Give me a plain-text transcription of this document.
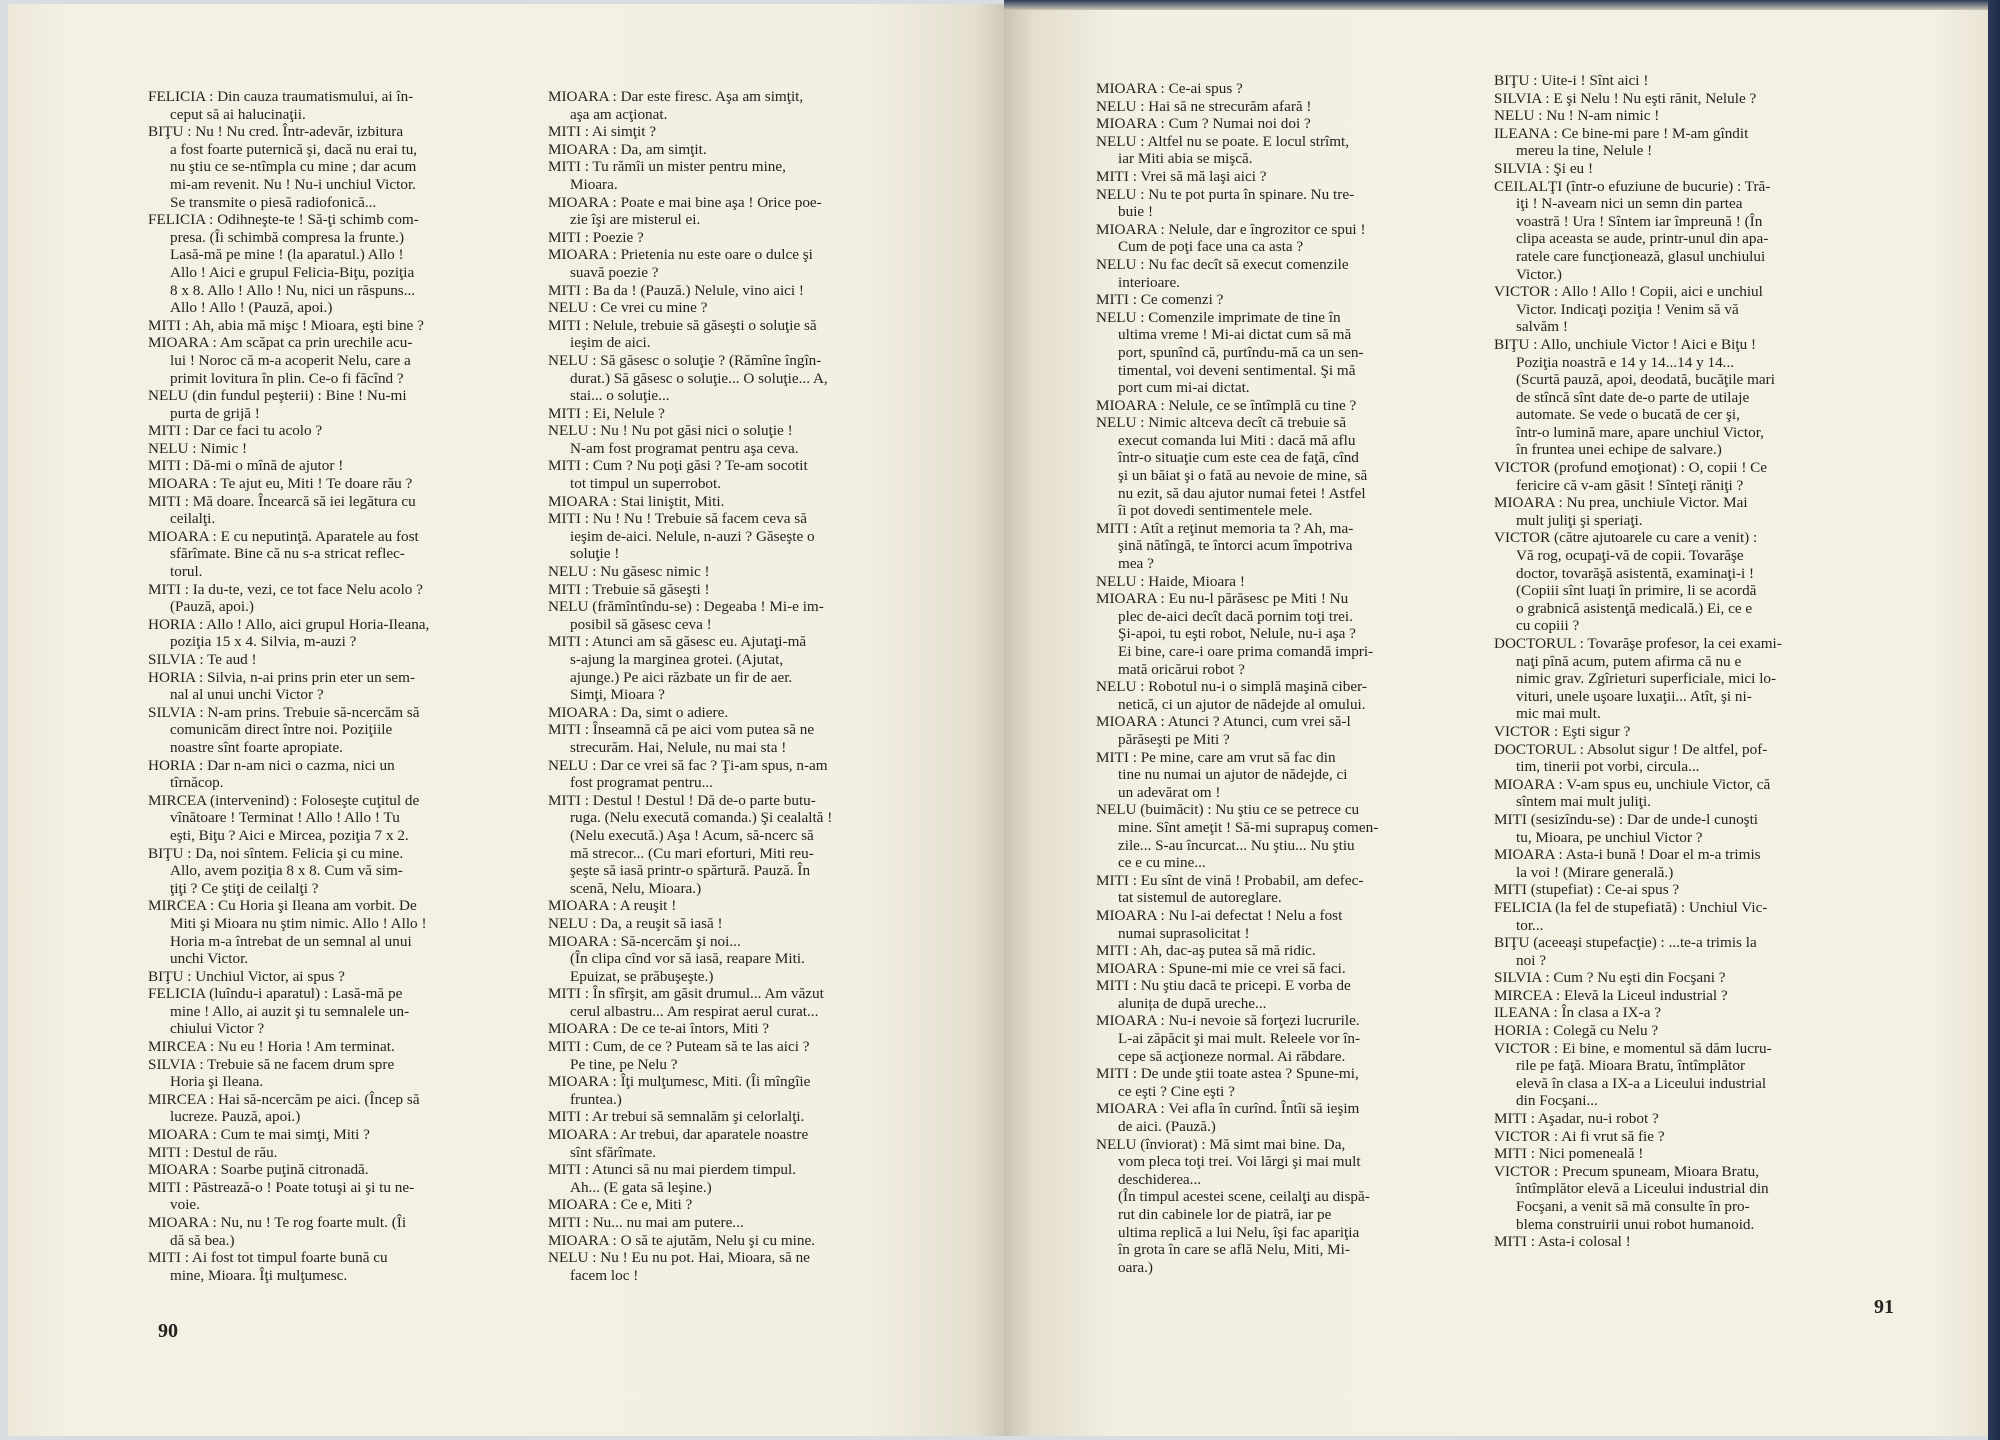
FELICIA : Din cauza traumatismului, ai în-
ceput să ai halucinaţii.
BIŢU : Nu ! Nu cred. Într-adevăr, izbitura
a fost foarte puternică şi, dacă nu erai tu,
nu ştiu ce se-ntîmpla cu mine ; dar acum
mi-am revenit. Nu ! Nu-i unchiul Victor.
Se transmite o piesă radiofonică...
FELICIA : Odihneşte-te ! Să-ţi schimb com-
presa. (Îi schimbă compresa la frunte.)
Lasă-mă pe mine ! (la aparatul.) Allo !
Allo ! Aici e grupul Felicia-Biţu, poziţia
8 x 8. Allo ! Allo ! Nu, nici un răspuns...
Allo ! Allo ! (Pauză, apoi.)
MITI : Ah, abia mă mişc ! Mioara, eşti bine ?
MIOARA : Am scăpat ca prin urechile acu-
lui ! Noroc că m-a acoperit Nelu, care a
primit lovitura în plin. Ce-o fi făcînd ?
NELU (din fundul peşterii) : Bine ! Nu-mi
purta de grijă !
MITI : Dar ce faci tu acolo ?
NELU : Nimic !
MITI : Dă-mi o mînă de ajutor !
MIOARA : Te ajut eu, Miti ! Te doare rău ?
MITI : Mă doare. Încearcă să iei legătura cu
ceilalţi.
MIOARA : E cu neputinţă. Aparatele au fost
sfărîmate. Bine că nu s-a stricat reflec-
torul.
MITI : Ia du-te, vezi, ce tot face Nelu acolo ?
(Pauză, apoi.)
HORIA : Allo ! Allo, aici grupul Horia-Ileana,
poziţia 15 x 4. Silvia, m-auzi ?
SILVIA : Te aud !
HORIA : Silvia, n-ai prins prin eter un sem-
nal al unui unchi Victor ?
SILVIA : N-am prins. Trebuie să-ncercăm să
comunicăm direct între noi. Poziţiile
noastre sînt foarte apropiate.
HORIA : Dar n-am nici o cazma, nici un
tîrnăcop.
MIRCEA (intervenind) : Foloseşte cuţitul de
vînătoare ! Terminat ! Allo ! Allo ! Tu
eşti, Biţu ? Aici e Mircea, poziţia 7 x 2.
BIŢU : Da, noi sîntem. Felicia şi cu mine.
Allo, avem poziţia 8 x 8. Cum vă sim-
ţiţi ? Ce ştiţi de ceilalţi ?
MIRCEA : Cu Horia şi Ileana am vorbit. De
Miti şi Mioara nu ştim nimic. Allo ! Allo !
Horia m-a întrebat de un semnal al unui
unchi Victor.
BIŢU : Unchiul Victor, ai spus ?
FELICIA (luîndu-i aparatul) : Lasă-mă pe
mine ! Allo, ai auzit şi tu semnalele un-
chiului Victor ?
MIRCEA : Nu eu ! Horia ! Am terminat.
SILVIA : Trebuie să ne facem drum spre
Horia şi Ileana.
MIRCEA : Hai să-ncercăm pe aici. (Încep să
lucreze. Pauză, apoi.)
MIOARA : Cum te mai simţi, Miti ?
MITI : Destul de rău.
MIOARA : Soarbe puţină citronadă.
MITI : Păstrează-o ! Poate totuşi ai şi tu ne-
voie.
MIOARA : Nu, nu ! Te rog foarte mult. (Îi
dă să bea.)
MITI : Ai fost tot timpul foarte bună cu
mine, Mioara. Îţi mulţumesc.
MIOARA : Dar este firesc. Aşa am simţit,
aşa am acţionat.
MITI : Ai simţit ?
MIOARA : Da, am simţit.
MITI : Tu rămîi un mister pentru mine,
Mioara.
MIOARA : Poate e mai bine aşa ! Orice poe-
zie îşi are misterul ei.
MITI : Poezie ?
MIOARA : Prietenia nu este oare o dulce şi
suavă poezie ?
MITI : Ba da ! (Pauză.) Nelule, vino aici !
NELU : Ce vrei cu mine ?
MITI : Nelule, trebuie să găseşti o soluţie să
ieşim de aici.
NELU : Să găsesc o soluţie ? (Rămîne îngîn-
durat.) Să găsesc o soluţie... O soluţie... A,
stai... o soluţie...
MITI : Ei, Nelule ?
NELU : Nu ! Nu pot găsi nici o soluţie !
N-am fost programat pentru aşa ceva.
MITI : Cum ? Nu poţi găsi ? Te-am socotit
tot timpul un superrobot.
MIOARA : Stai liniştit, Miti.
MITI : Nu ! Nu ! Trebuie să facem ceva să
ieşim de-aici. Nelule, n-auzi ? Găseşte o
soluţie !
NELU : Nu găsesc nimic !
MITI : Trebuie să găseşti !
NELU (frămîntîndu-se) : Degeaba ! Mi-e im-
posibil să găsesc ceva !
MITI : Atunci am să găsesc eu. Ajutaţi-mă
s-ajung la marginea grotei. (Ajutat,
ajunge.) Pe aici răzbate un fir de aer.
Simţi, Mioara ?
MIOARA : Da, simt o adiere.
MITI : Înseamnă că pe aici vom putea să ne
strecurăm. Hai, Nelule, nu mai sta !
NELU : Dar ce vrei să fac ? Ţi-am spus, n-am
fost programat pentru...
MITI : Destul ! Destul ! Dă de-o parte butu-
ruga. (Nelu execută comanda.) Şi cealaltă !
(Nelu execută.) Aşa ! Acum, să-ncerc să
mă strecor... (Cu mari eforturi, Miti reu-
şeşte să iasă printr-o spărtură. Pauză. În
scenă, Nelu, Mioara.)
MIOARA : A reuşit !
NELU : Da, a reuşit să iasă !
MIOARA : Să-ncercăm şi noi...
(În clipa cînd vor să iasă, reapare Miti.
Epuizat, se prăbuşeşte.)
MITI : În sfîrşit, am găsit drumul... Am văzut
cerul albastru... Am respirat aerul curat...
MIOARA : De ce te-ai întors, Miti ?
MITI : Cum, de ce ? Puteam să te las aici ?
Pe tine, pe Nelu ?
MIOARA : Îţi mulţumesc, Miti. (Îi mîngîie
fruntea.)
MITI : Ar trebui să semnalăm şi celorlalţi.
MIOARA : Ar trebui, dar aparatele noastre
sînt sfărîmate.
MITI : Atunci să nu mai pierdem timpul.
Ah... (E gata să leşine.)
MIOARA : Ce e, Miti ?
MITI : Nu... nu mai am putere...
MIOARA : O să te ajutăm, Nelu şi cu mine.
NELU : Nu ! Eu nu pot. Hai, Mioara, să ne
facem loc !
90
MIOARA : Ce-ai spus ?
NELU : Hai să ne strecurăm afară !
MIOARA : Cum ? Numai noi doi ?
NELU : Altfel nu se poate. E locul strîmt,
iar Miti abia se mişcă.
MITI : Vrei să mă laşi aici ?
NELU : Nu te pot purta în spinare. Nu tre-
buie !
MIOARA : Nelule, dar e îngrozitor ce spui !
Cum de poţi face una ca asta ?
NELU : Nu fac decît să execut comenzile
interioare.
MITI : Ce comenzi ?
NELU : Comenzile imprimate de tine în
ultima vreme ! Mi-ai dictat cum să mă
port, spunînd că, purtîndu-mă ca un sen-
timental, voi deveni sentimental. Şi mă
port cum mi-ai dictat.
MIOARA : Nelule, ce se întîmplă cu tine ?
NELU : Nimic altceva decît că trebuie să
execut comanda lui Miti : dacă mă aflu
într-o situaţie cum este cea de faţă, cînd
şi un băiat şi o fată au nevoie de mine, să
nu ezit, să dau ajutor numai fetei ! Astfel
îi pot dovedi sentimentele mele.
MITI : Atît a reţinut memoria ta ? Ah, ma-
şină nătîngă, te întorci acum împotriva
mea ?
NELU : Haide, Mioara !
MIOARA : Eu nu-l părăsesc pe Miti ! Nu
plec de-aici decît dacă pornim toţi trei.
Şi-apoi, tu eşti robot, Nelule, nu-i aşa ?
Ei bine, care-i oare prima comandă impri-
mată oricărui robot ?
NELU : Robotul nu-i o simplă maşină ciber-
netică, ci un ajutor de nădejde al omului.
MIOARA : Atunci ? Atunci, cum vrei să-l
părăseşti pe Miti ?
MITI : Pe mine, care am vrut să fac din
tine nu numai un ajutor de nădejde, ci
un adevărat om !
NELU (buimăcit) : Nu ştiu ce se petrece cu
mine. Sînt ameţit ! Să-mi suprapuş comen-
zile... S-au încurcat... Nu ştiu... Nu ştiu
ce e cu mine...
MITI : Eu sînt de vină ! Probabil, am defec-
tat sistemul de autoreglare.
MIOARA : Nu l-ai defectat ! Nelu a fost
numai suprasolicitat !
MITI : Ah, dac-aş putea să mă ridic.
MIOARA : Spune-mi mie ce vrei să faci.
MITI : Nu ştiu dacă te pricepi. E vorba de
alunița de după ureche...
MIOARA : Nu-i nevoie să forţezi lucrurile.
L-ai zăpăcit şi mai mult. Releele vor în-
cepe să acţioneze normal. Ai răbdare.
MITI : De unde ştii toate astea ? Spune-mi,
ce eşti ? Cine eşti ?
MIOARA : Vei afla în curînd. Întîi să ieşim
de aici. (Pauză.)
NELU (înviorat) : Mă simt mai bine. Da,
vom pleca toţi trei. Voi lărgi şi mai mult
deschiderea...
(În timpul acestei scene, ceilalţi au dispă-
rut din cabinele lor de piatră, iar pe
ultima replică a lui Nelu, îşi fac apariţia
în grota în care se află Nelu, Miti, Mi-
oara.)
BIŢU : Uite-i ! Sînt aici !
SILVIA : E şi Nelu ! Nu eşti rănit, Nelule ?
NELU : Nu ! N-am nimic !
ILEANA : Ce bine-mi pare ! M-am gîndit
mereu la tine, Nelule !
SILVIA : Şi eu !
CEILALŢI (într-o efuziune de bucurie) : Tră-
iţi ! N-aveam nici un semn din partea
voastră ! Ura ! Sîntem iar împreună ! (În
clipa aceasta se aude, printr-unul din apa-
ratele care funcţionează, glasul unchiului
Victor.)
VICTOR : Allo ! Allo ! Copii, aici e unchiul
Victor. Indicaţi poziţia ! Venim să vă
salvăm !
BIŢU : Allo, unchiule Victor ! Aici e Biţu !
Poziţia noastră e 14 y 14...14 y 14...
(Scurtă pauză, apoi, deodată, bucăţile mari
de stîncă sînt date de-o parte de utilaje
automate. Se vede o bucată de cer şi,
într-o lumină mare, apare unchiul Victor,
în fruntea unei echipe de salvare.)
VICTOR (profund emoţionat) : O, copii ! Ce
fericire că v-am găsit ! Sînteţi răniţi ?
MIOARA : Nu prea, unchiule Victor. Mai
mult juliţi şi speriaţi.
VICTOR (către ajutoarele cu care a venit) :
Vă rog, ocupaţi-vă de copii. Tovarăşe
doctor, tovarăşă asistentă, examinaţi-i !
(Copiii sînt luaţi în primire, li se acordă
o grabnică asistenţă medicală.) Ei, ce e
cu copiii ?
DOCTORUL : Tovarăşe profesor, la cei exami-
naţi pînă acum, putem afirma că nu e
nimic grav. Zgîrieturi superficiale, mici lo-
vituri, unele uşoare luxaţii... Atît, şi ni-
mic mai mult.
VICTOR : Eşti sigur ?
DOCTORUL : Absolut sigur ! De altfel, pof-
tim, tinerii pot vorbi, circula...
MIOARA : V-am spus eu, unchiule Victor, că
sîntem mai mult juliţi.
MITI (sesizîndu-se) : Dar de unde-l cunoşti
tu, Mioara, pe unchiul Victor ?
MIOARA : Asta-i bună ! Doar el m-a trimis
la voi ! (Mirare generală.)
MITI (stupefiat) : Ce-ai spus ?
FELICIA (la fel de stupefiată) : Unchiul Vic-
tor...
BIŢU (aceeaşi stupefacţie) : ...te-a trimis la
noi ?
SILVIA : Cum ? Nu eşti din Focşani ?
MIRCEA : Elevă la Liceul industrial ?
ILEANA : În clasa a IX-a ?
HORIA : Colegă cu Nelu ?
VICTOR : Ei bine, e momentul să dăm lucru-
rile pe faţă. Mioara Bratu, întîmplător
elevă în clasa a IX-a a Liceului industrial
din Focşani...
MITI : Aşadar, nu-i robot ?
VICTOR : Ai fi vrut să fie ?
MITI : Nici pomeneală !
VICTOR : Precum spuneam, Mioara Bratu,
întîmplător elevă a Liceului industrial din
Focşani, a venit să mă consulte în pro-
blema construirii unui robot humanoid.
MITI : Asta-i colosal !
91
